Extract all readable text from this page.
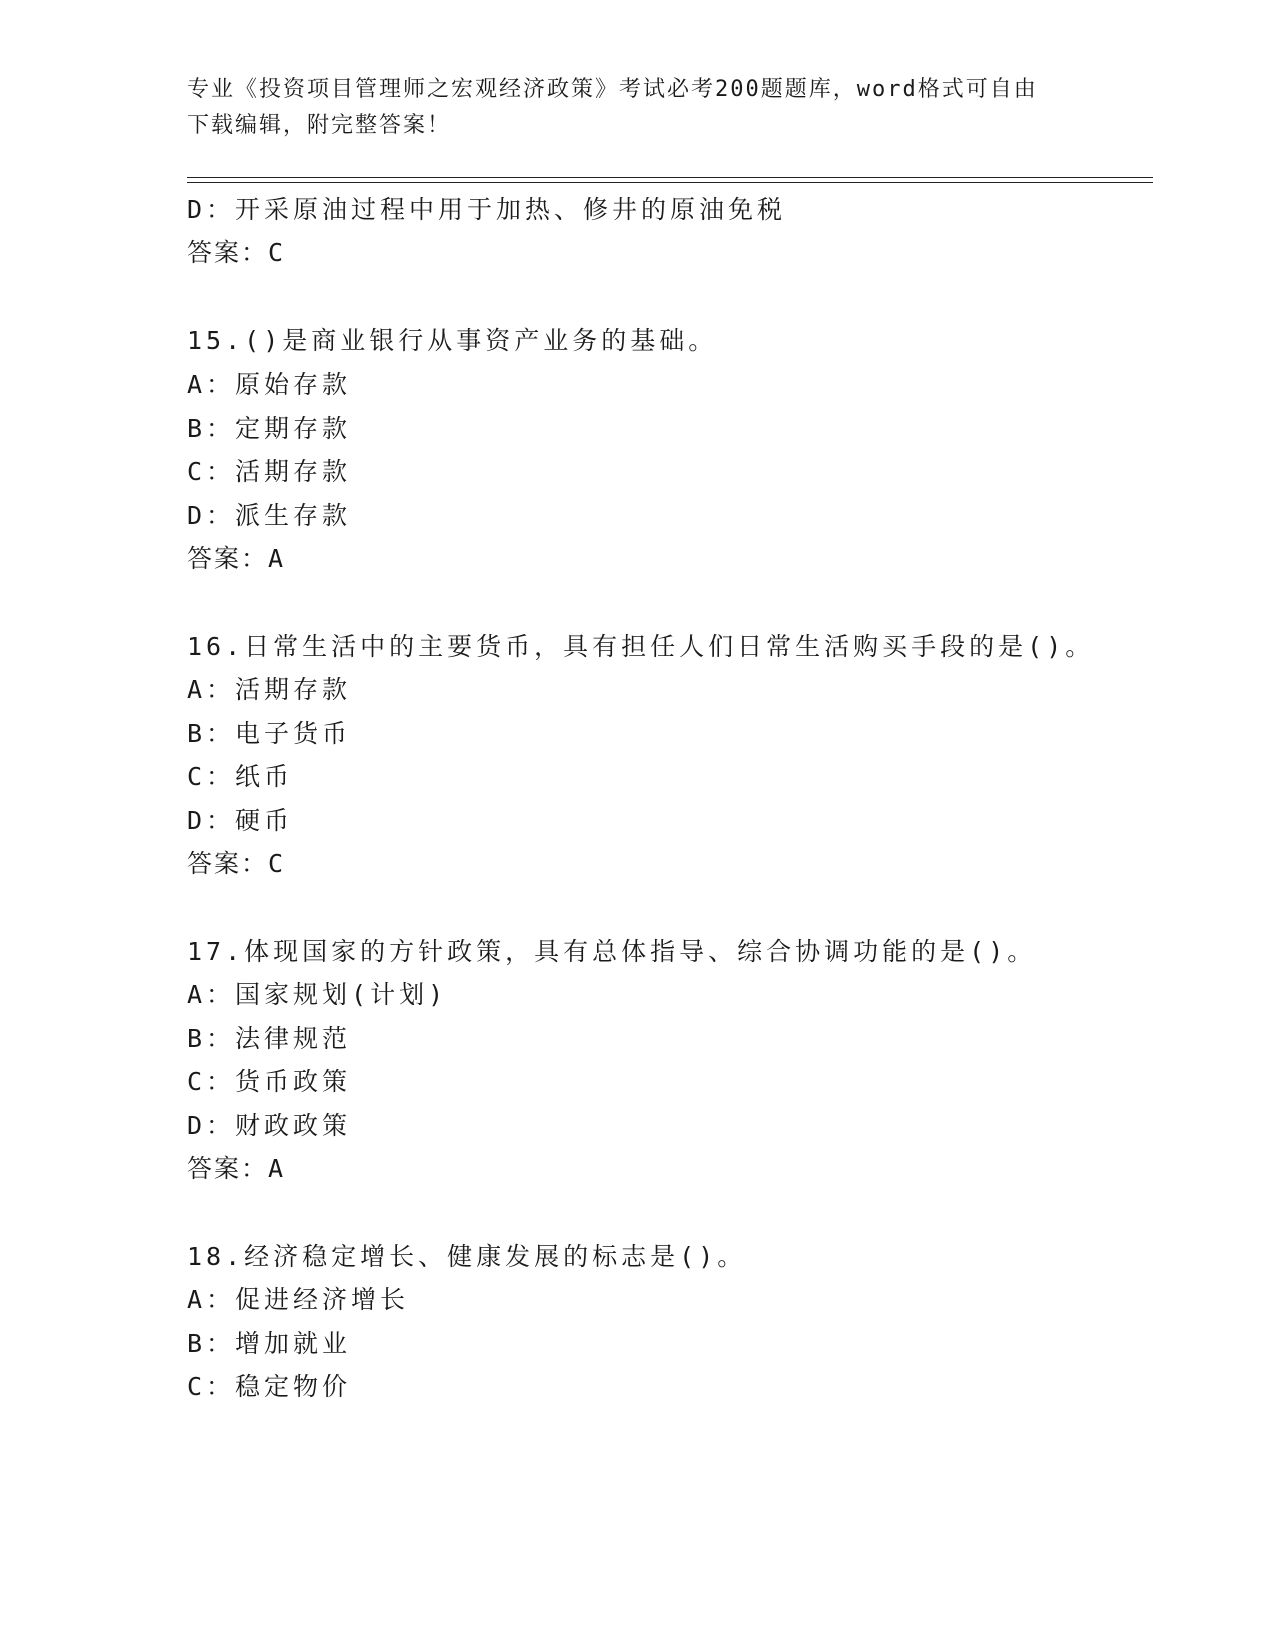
专业《投资项目管理师之宏观经济政策》考试必考200题题库，word格式可自由
下载编辑，附完整答案！
D：开采原油过程中用于加热、修井的原油免税
答案：C
15.()是商业银行从事资产业务的基础。
A：原始存款
B：定期存款
C：活期存款
D：派生存款
答案：A
16.日常生活中的主要货币，具有担任人们日常生活购买手段的是()。
A：活期存款
B：电子货币
C：纸币
D：硬币
答案：C
17.体现国家的方针政策，具有总体指导、综合协调功能的是()。
A：国家规划(计划)
B：法律规范
C：货币政策
D：财政政策
答案：A
18.经济稳定增长、健康发展的标志是()。
A：促进经济增长
B：增加就业
C：稳定物价
